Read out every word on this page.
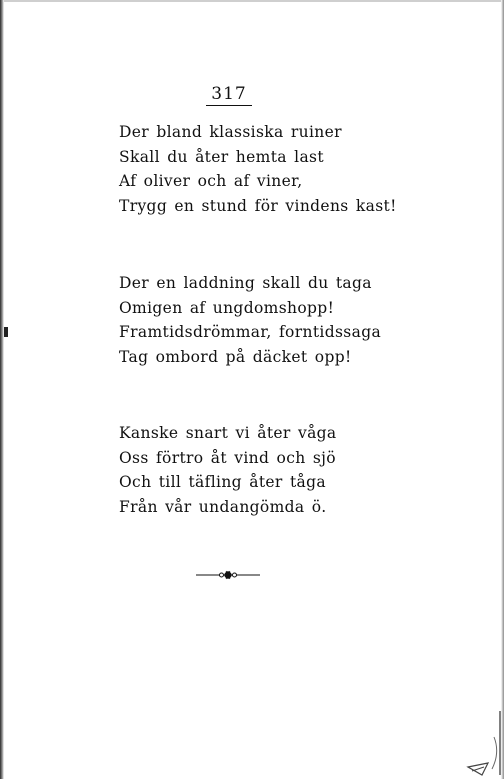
317
Der bland klassiska ruiner
Skall du åter hemta last
Af oliver och af viner,
Trygg en stund för vindens kast!
Der en laddning skall du taga
Omigen af ungdomshopp!
Framtidsdrömmar, forntidssaga
Tag ombord på däcket opp!
Kanske snart vi åter våga
Oss förtro åt vind och sjö
Och till täfling åter tåga
Från vår undangömda ö.
